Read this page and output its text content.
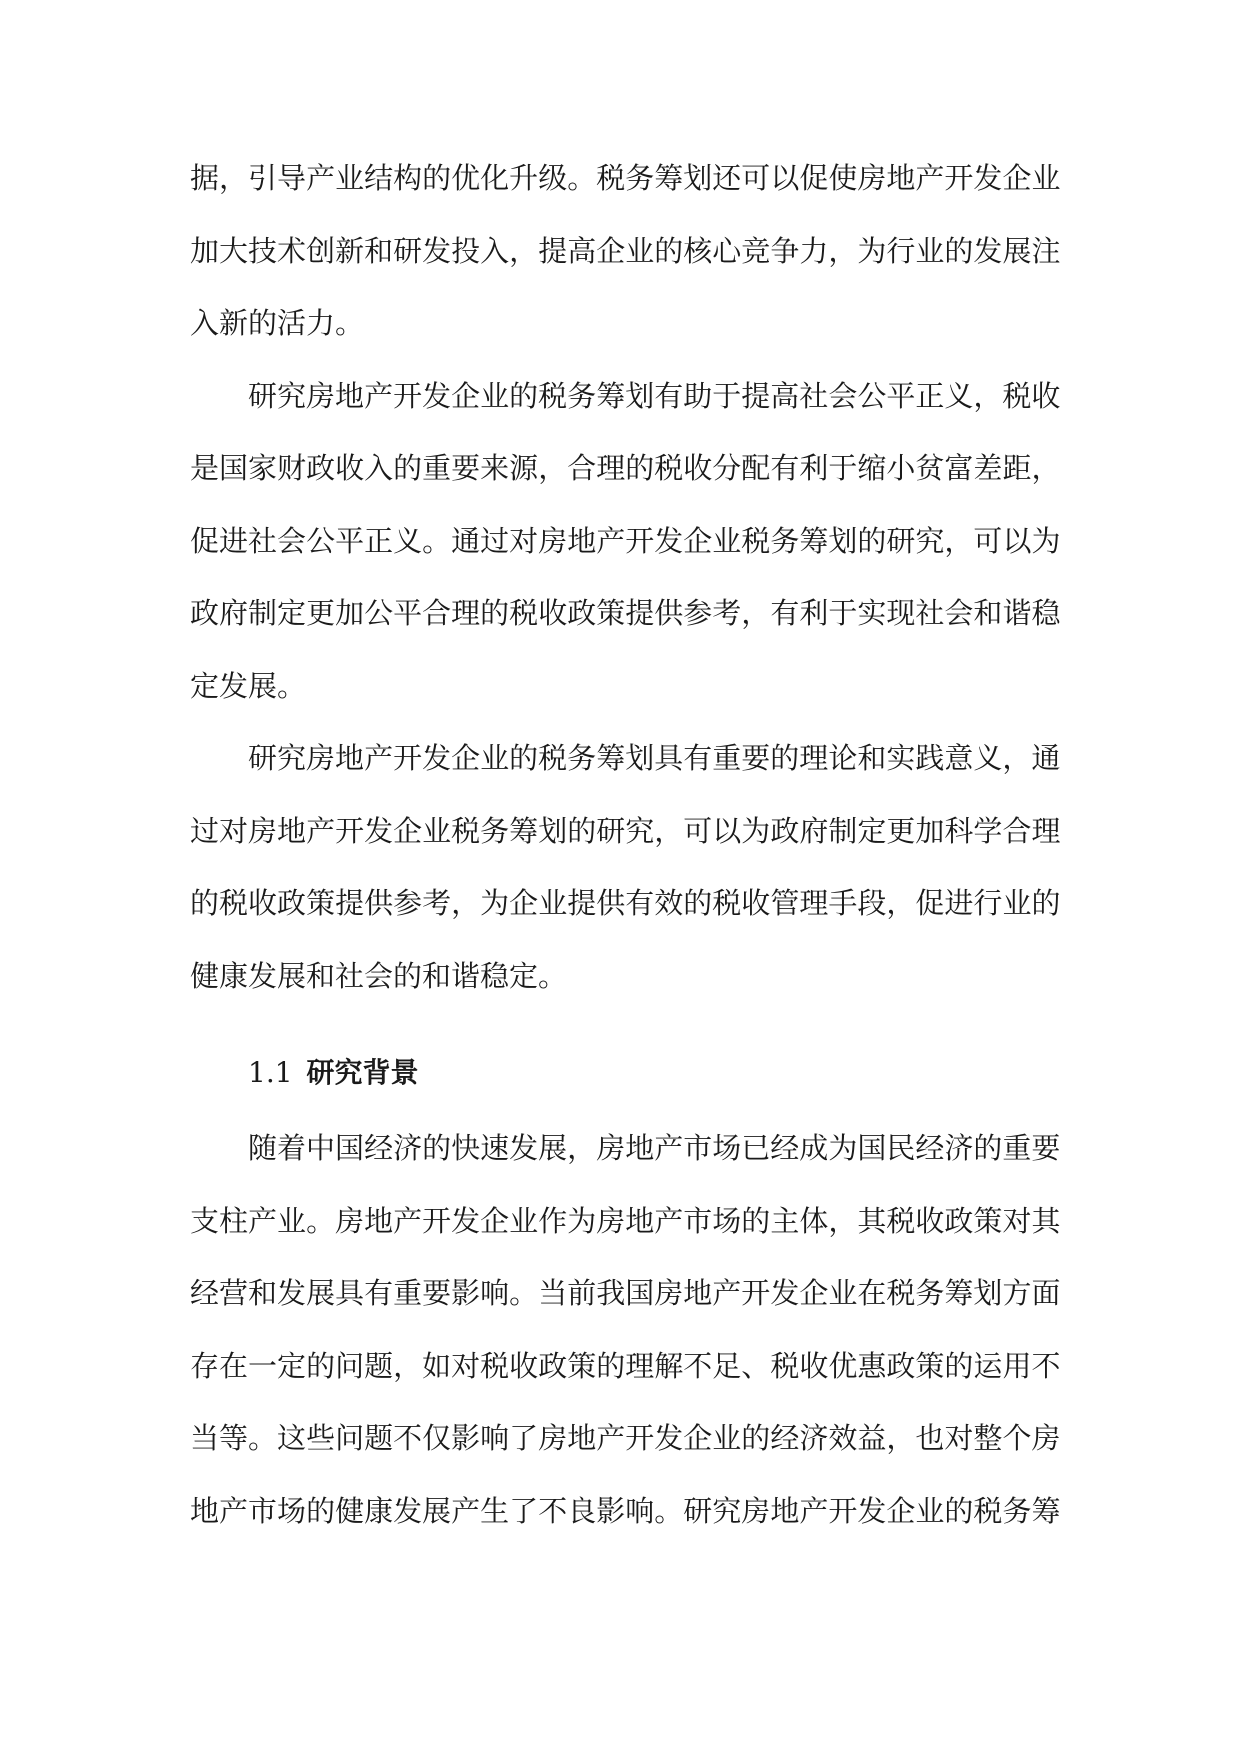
据 ， 引 导 产 业 结 构 的 优 化 升 级 。 税 务 筹 划 还 可 以 促 使 房 地 产 开 发 企 业
加 大 技 术 创 新 和 研 发 投 入 ， 提 高 企 业 的 核 心 竞 争 力 ， 为 行 业 的 发 展 注
入新的活力。
研 究 房 地 产 开 发 企 业 的 税 务 筹 划 有 助 于 提 高 社 会 公 平 正 义 ， 税 收
是 国 家 财 政 收 入 的 重 要 来 源 ， 合 理 的 税 收 分 配 有 利 于 缩 小 贫 富 差 距 ，
促 进 社 会 公 平 正 义 。 通 过 对 房 地 产 开 发 企 业 税 务 筹 划 的 研 究 ， 可 以 为
政 府 制 定 更 加 公 平 合 理 的 税 收 政 策 提 供 参 考 ， 有 利 于 实 现 社 会 和 谐 稳
定发展。
研 究 房 地 产 开 发 企 业 的 税 务 筹 划 具 有 重 要 的 理 论 和 实 践 意 义 ， 通
过 对 房 地 产 开 发 企 业 税 务 筹 划 的 研 究 ， 可 以 为 政 府 制 定 更 加 科 学 合 理
的 税 收 政 策 提 供 参 考 ， 为 企 业 提 供 有 效 的 税 收 管 理 手 段 ， 促 进 行 业 的
健康发展和社会的和谐稳定。
1.1 研究背景
随 着 中 国 经 济 的 快 速 发 展 ， 房 地 产 市 场 已 经 成 为 国 民 经 济 的 重 要
支 柱 产 业 。 房 地 产 开 发 企 业 作 为 房 地 产 市 场 的 主 体 ， 其 税 收 政 策 对 其
经 营 和 发 展 具 有 重 要 影 响 。 当 前 我 国 房 地 产 开 发 企 业 在 税 务 筹 划 方 面
存 在 一 定 的 问 题 ， 如 对 税 收 政 策 的 理 解 不 足 、 税 收 优 惠 政 策 的 运 用 不
当 等 。 这 些 问 题 不 仅 影 响 了 房 地 产 开 发 企 业 的 经 济 效 益 ， 也 对 整 个 房
地 产 市 场 的 健 康 发 展 产 生 了 不 良 影 响 。 研 究 房 地 产 开 发 企 业 的 税 务 筹
